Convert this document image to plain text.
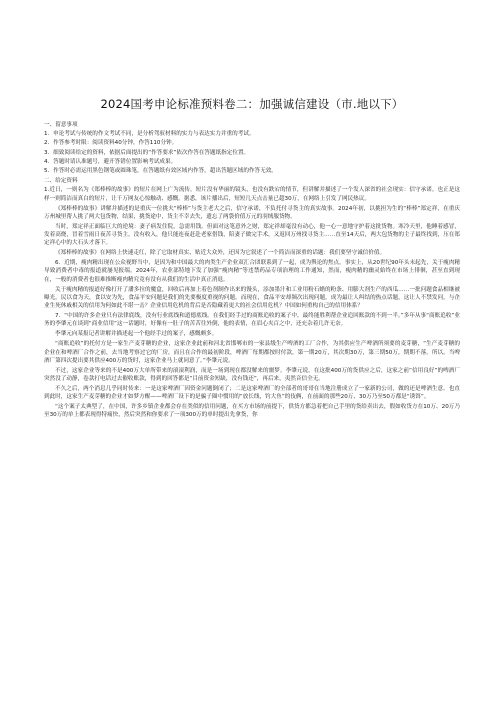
2024国考申论标准预料卷二：加强诚信建设（市.地以下）
一、留意事项
1．申论考试与传统的作文考试不同，是分析驾驭材料的实力与表达实力并重的考试。
2．作答参考时限：阅读资料40分钟，作答110分钟。
3．细致阅读给定的资料，依据后面提出的“作答要求”依次作答在答题纸指定位置。
4．答题时请认准题号，避开答错位置影响考试成果。
5．作答时必需运用黑色钢笔或圆珠笔，在答题纸有效区域内作答，超出答题区域的作答无效。
二、给定资料

1.近日，一则名为《郑棒棒的故事》的短片在网上广为流传。短片没有华丽的镜头，也没有跌宕的情节，但讲解并描述了一个发人深省的社会现实：信守承诺。也正是这样一则简洁而真白的短片，让千万网友心惊触动、感慨。据悉，该片播出后，短短几天点击量已超30万，在网络上引发了网民热议。

《郑棒棒的故事》讲解并描述的是重庆一位挑夫“棒棒”与货主老大之后，信守承诺，不负托付寻货主的真实故事。2024年初，以挑担为生的“棒棒”郑定祥，在重庆万州城里帮人挑了两大包货物，结果，挑货途中，货主不幸去失，遗忘了两袋价值万元的羽绒服货物。

当时，郑定祥正面临巨大的逆境：妻子病发住院，急需用钱。但面对这笔意外之财，郑定祥却毫没有动心，他一心一意地守护着这批货物。寒冷天里，他睡着感冒，发着高烧，冒着雪雨日夜苦寻货主。没有收入，他只能连夜赶赴老家借钱，陪妻子做完手术，又返回万州找寻货主……直至14天后，两大包货物的主子最终找到，压在郑定祥心中的大石头才落下。

《郑棒棒的故事》在网络上快速走红，除了它取材真实、贴近大众外，还因为它叙述了一个简洁而深重的话题：我们要坚守诚信价值。

6．近期，瘦肉精出现在公众视野当中，是因为和中国最大的肉类生产企业双汇合团联系到了一起，成为舆论的焦点。事实上，从20世纪90年头末起先，关于瘦肉精导致消费者中毒的报道就屡见报端。2024年，农业部特地下发了加强“瘦肉精”等违禁药品专项治理的工作通知，然而，瘦肉精的幽灵始终在市场上徘徊，甚至直到现在，一般的消费者也很难推断瘦肉精究竟有没有从我们的生活中真正消退。

关于瘦肉精的报道好像打开了潘多拉的魔盒，回收后再加上着色剂制作出来的馒头，添加墨汁和工业用粉石蜡的粉条、用膨大剂生产的西瓜……一批问题食品相继被曝光。民以食为天，食以安为先，食品平安问题是我们的先要极度重视的问题。而现在，食品平安却频次出现问题，成为最让人纠结的热点话题，这让人不禁发问，与企业生死休戚相关的信用为何如此不堪一击？企业信用危机的背后是否隐藏着更大的社会信用危机？中国如何重构自己的信用体系？

7．“中国的许多企业只有法律底线，没有行业底线和道德底线。在我们经手过的商账追收的案子中，最终能胜利帮企业追回账款的不到一半。”多年从事“商账追收”业务的李肇元在谈到“商业信用”这一话题时，好像有一肚子的苦苦往外倒，他的表情，在眉心夹百之中，还充杂着几许无奈。

李肇元向某报记者讲解并描述起一个他经手过的案子，感慨颇多。

“商账追收”的托付方是一家生产麦芽糖的企业，这家企业此前和河北省邯郸市的一家县级生产啤酒的工厂合作，为其供应生产啤酒所须要的麦芽糖，“生产麦芽糖的企业在和啤酒厂合作之前，去当地考察过它的厂房，而且在合作的最初阶段，啤酒厂每期都按时付款，第一期20万，其次期30万，第三期50万，期期不落。所以，当啤酒厂第四次提出要其供应400万的货时，这家企业马上就同意了。”李肇元说。

不过，这家企业等来的不是400万大单所带来的滚滚利润，而是一场到现在都没解来的噩梦。李肇元说，在这批400万的货供应之后，这家之前“信用良好”的啤酒厂突然没了动静，卷款打电话过去催收账款，得到的回答都是“目前资金短缺，没有钱还”，再后来，夷然音信全无。

不久之后，两个消息几乎同时传来：一是这家啤酒厂因资金问题倒闭了；二是这家啤酒厂的全部者的哥哥在当地注册成立了一家新的公司，做的还是啤酒生意。也直到此时，这家生产麦芽糖的企业才如梦方醒——啤酒厂设下的是骗子圈中惯用的“放长线，钓大鱼”的伎俩，在前面的那些20万、30万乃至50万都是“诱饵”。

“这个案子太典型了，在中国，许多乡镇企业都会存在类似的信用问题，在买方市场的前提下，供货方都急着把自己手里的货给卖出去，假如收货方在10万、20万乃至30万的单上都表现得特痛快，然后突然和你要求了一项300万的单时提出先拿货，你
